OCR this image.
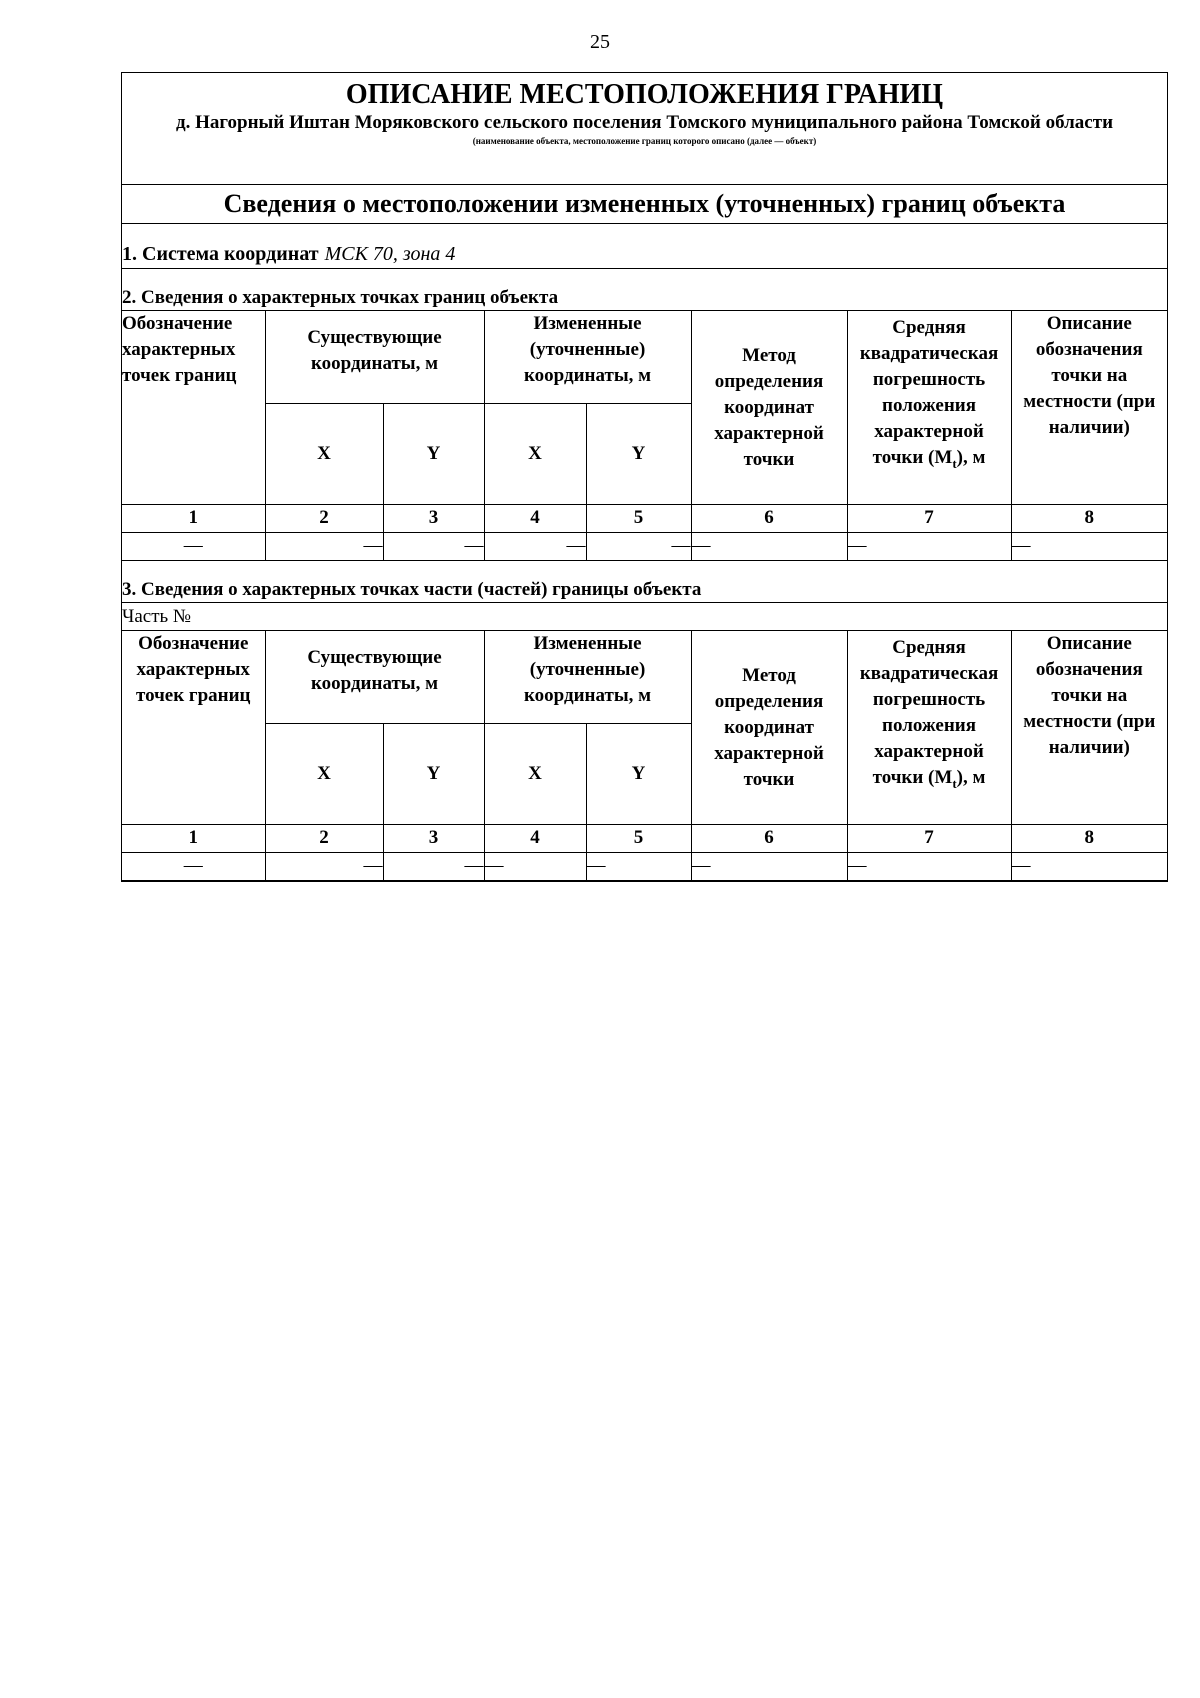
25
ОПИСАНИЕ МЕСТОПОЛОЖЕНИЯ ГРАНИЦ
д. Нагорный Иштан Моряковского сельского поселения Томского муниципального района Томской области
(наименование объекта, местоположение границ которого описано (далее — объект)
Сведения о местоположении измененных (уточненных) границ объекта
1. Система координат МСК 70, зона 4
2. Сведения о характерных точках границ объекта
Обозначение характерных точек границ	Существующие координаты, м		Измененные (уточненные) координаты, м		Метод определения координат характерной точки	Средняя квадратическая погрешность положения характерной точки $(M_t)$, м	Описание обозначения точки на местности (при наличии)
	X	Y	X	Y			
1	2	3	4	5	6	7	8
—	—	—	—	—	—	—	—
3. Сведения о характерных точках части (частей) границы объекта
Часть №
Обозначение характерных точек границ	Существующие координаты, м		Измененные (уточненные) координаты, м		Метод определения координат характерной точки	Средняя квадратическая погрешность положения характерной точки $(M_t)$, м	Описание обозначения точки на местности (при наличии)
	X	Y	X	Y			
1	2	3	4	5	6	7	8
—	—	—	—	—	—	—	—
